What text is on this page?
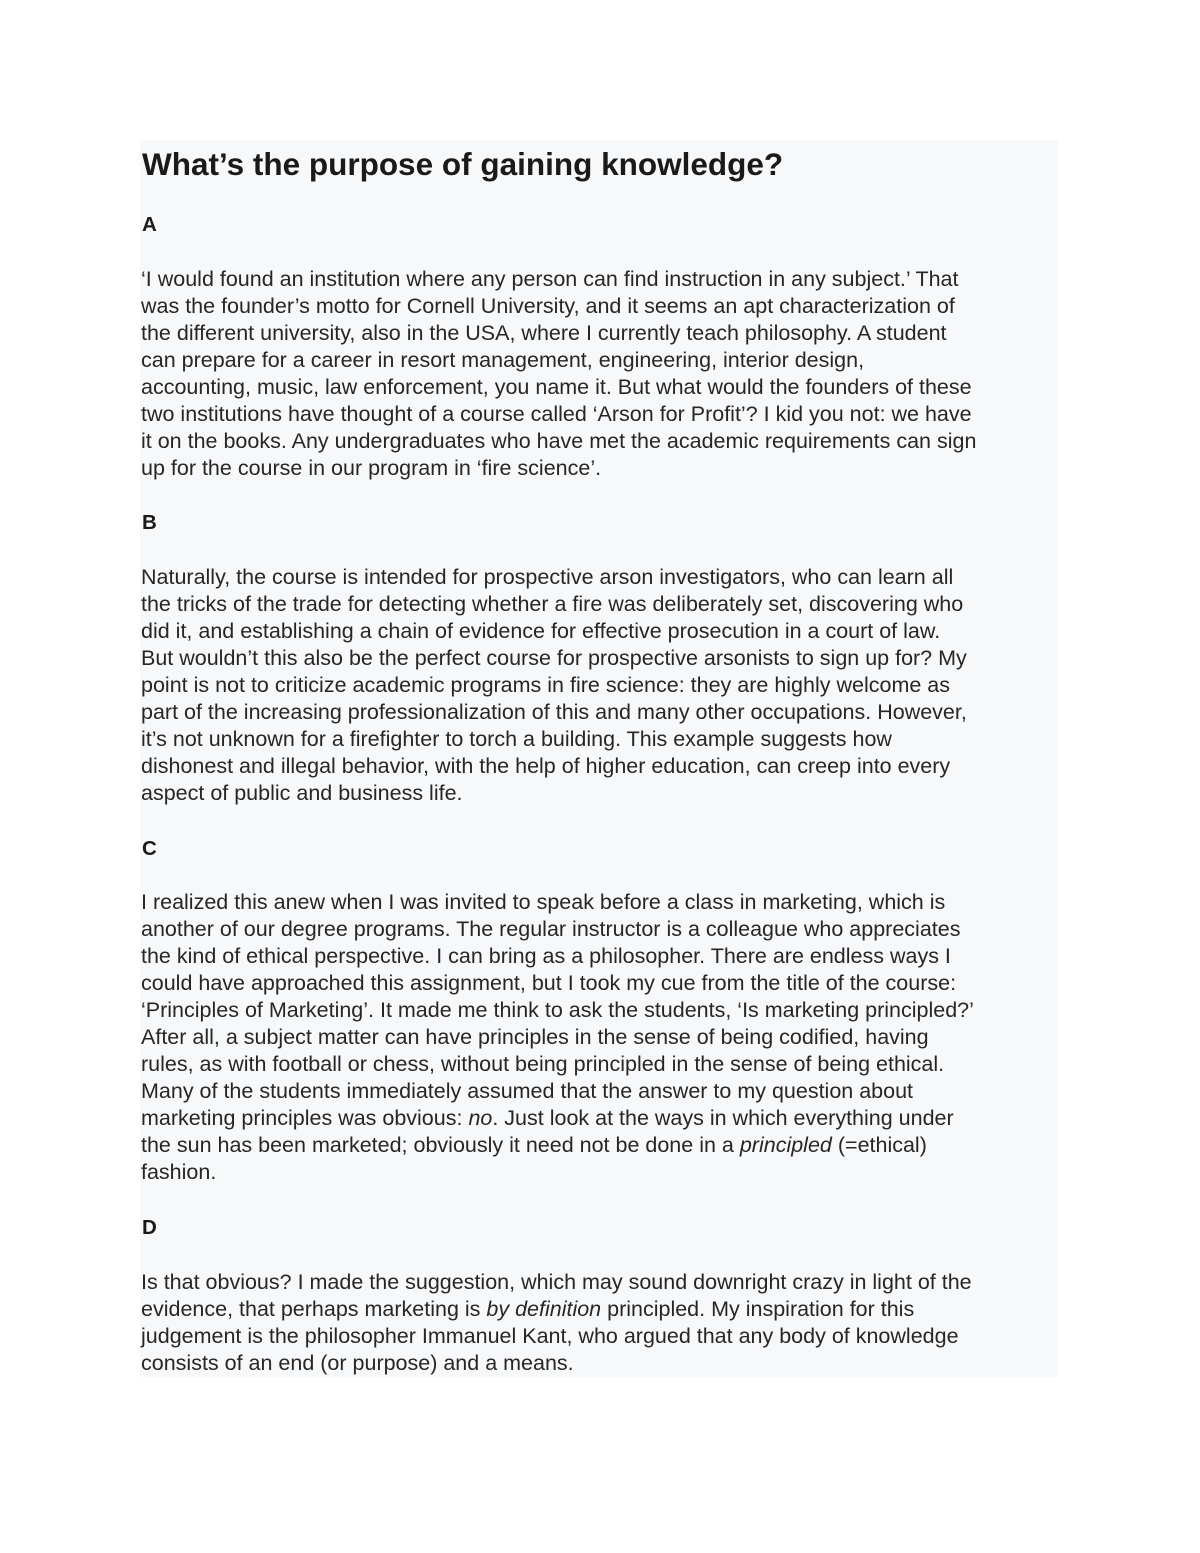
What’s the purpose of gaining knowledge?
A

‘I would found an institution where any person can find instruction in any subject.’ That

was the founder’s motto for Cornell University, and it seems an apt characterization of

the different university, also in the USA, where I currently teach philosophy. A student

can prepare for a career in resort management, engineering, interior design,

accounting, music, law enforcement, you name it. But what would the founders of these

two institutions have thought of a course called ‘Arson for Profit’? I kid you not: we have

it on the books. Any undergraduates who have met the academic requirements can sign

up for the course in our program in ‘fire science’.

B

Naturally, the course is intended for prospective arson investigators, who can learn all

the tricks of the trade for detecting whether a fire was deliberately set, discovering who

did it, and establishing a chain of evidence for effective prosecution in a court of law.

But wouldn’t this also be the perfect course for prospective arsonists to sign up for? My

point is not to criticize academic programs in fire science: they are highly welcome as

part of the increasing professionalization of this and many other occupations. However,

it’s not unknown for a firefighter to torch a building. This example suggests how

dishonest and illegal behavior, with the help of higher education, can creep into every

aspect of public and business life.

C

I realized this anew when I was invited to speak before a class in marketing, which is

another of our degree programs. The regular instructor is a colleague who appreciates

the kind of ethical perspective. I can bring as a philosopher. There are endless ways I

could have approached this assignment, but I took my cue from the title of the course:

‘Principles of Marketing’. It made me think to ask the students, ‘Is marketing principled?’

After all, a subject matter can have principles in the sense of being codified, having

rules, as with football or chess, without being principled in the sense of being ethical.

Many of the students immediately assumed that the answer to my question about

marketing principles was obvious: no. Just look at the ways in which everything under

the sun has been marketed; obviously it need not be done in a principled (=ethical)

fashion.

D

Is that obvious? I made the suggestion, which may sound downright crazy in light of the

evidence, that perhaps marketing is by definition principled. My inspiration for this

judgement is the philosopher Immanuel Kant, who argued that any body of knowledge

consists of an end (or purpose) and a means.
